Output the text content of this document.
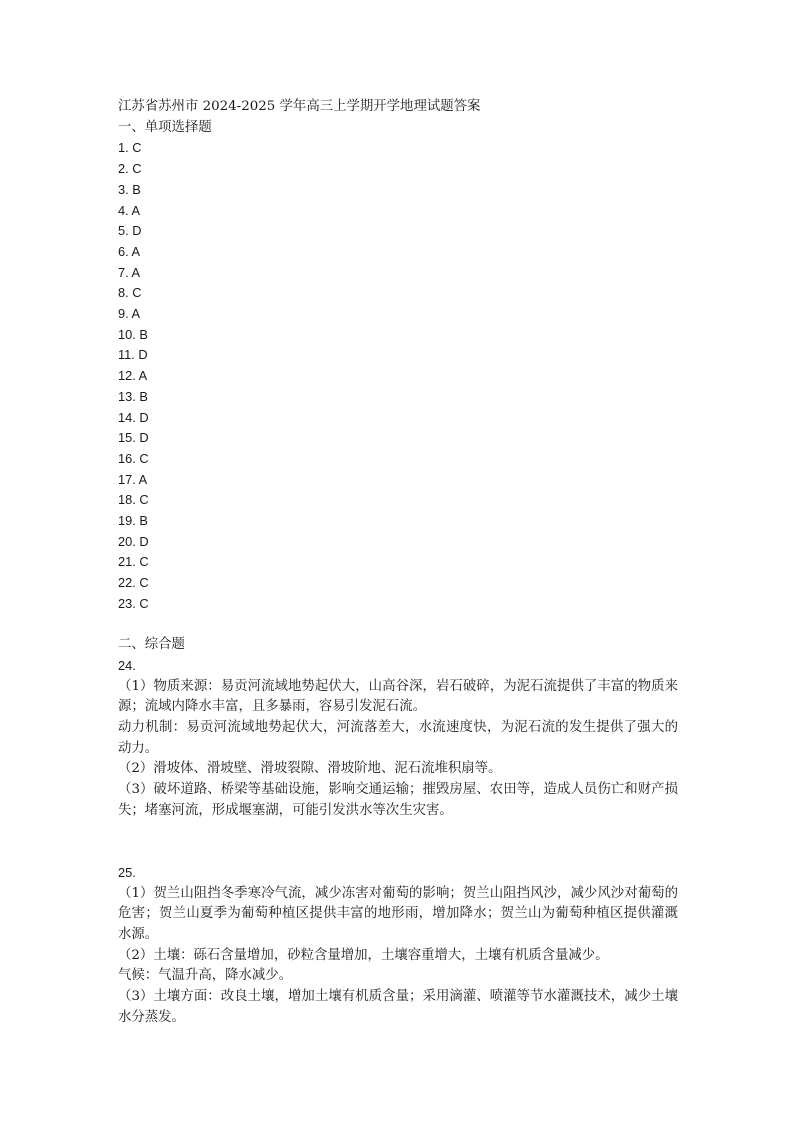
江苏省苏州市 2024-2025 学年高三上学期开学地理试题答案
一、单项选择题
1. C
2. C
3. B
4. A
5. D
6. A
7. A
8. C
9. A
10. B
11. D
12. A
13. B
14. D
15. D
16. C
17. A
18. C
19. B
20. D
21. C
22. C
23. C
二、综合题
24.
（1）物质来源：易贡河流域地势起伏大，山高谷深，岩石破碎，为泥石流提供了丰富的物质来源；流域内降水丰富，且多暴雨，容易引发泥石流。
动力机制：易贡河流域地势起伏大，河流落差大，水流速度快，为泥石流的发生提供了强大的动力。
（2）滑坡体、滑坡壁、滑坡裂隙、滑坡阶地、泥石流堆积扇等。
（3）破坏道路、桥梁等基础设施，影响交通运输；摧毁房屋、农田等，造成人员伤亡和财产损失；堵塞河流，形成堰塞湖，可能引发洪水等次生灾害。
25.
（1）贺兰山阻挡冬季寒冷气流，减少冻害对葡萄的影响；贺兰山阻挡风沙，减少风沙对葡萄的危害；贺兰山夏季为葡萄种植区提供丰富的地形雨，增加降水；贺兰山为葡萄种植区提供灌溉水源。
（2）土壤：砾石含量增加，砂粒含量增加，土壤容重增大，土壤有机质含量减少。
气候：气温升高，降水减少。
（3）土壤方面：改良土壤，增加土壤有机质含量；采用滴灌、喷灌等节水灌溉技术，减少土壤水分蒸发。
